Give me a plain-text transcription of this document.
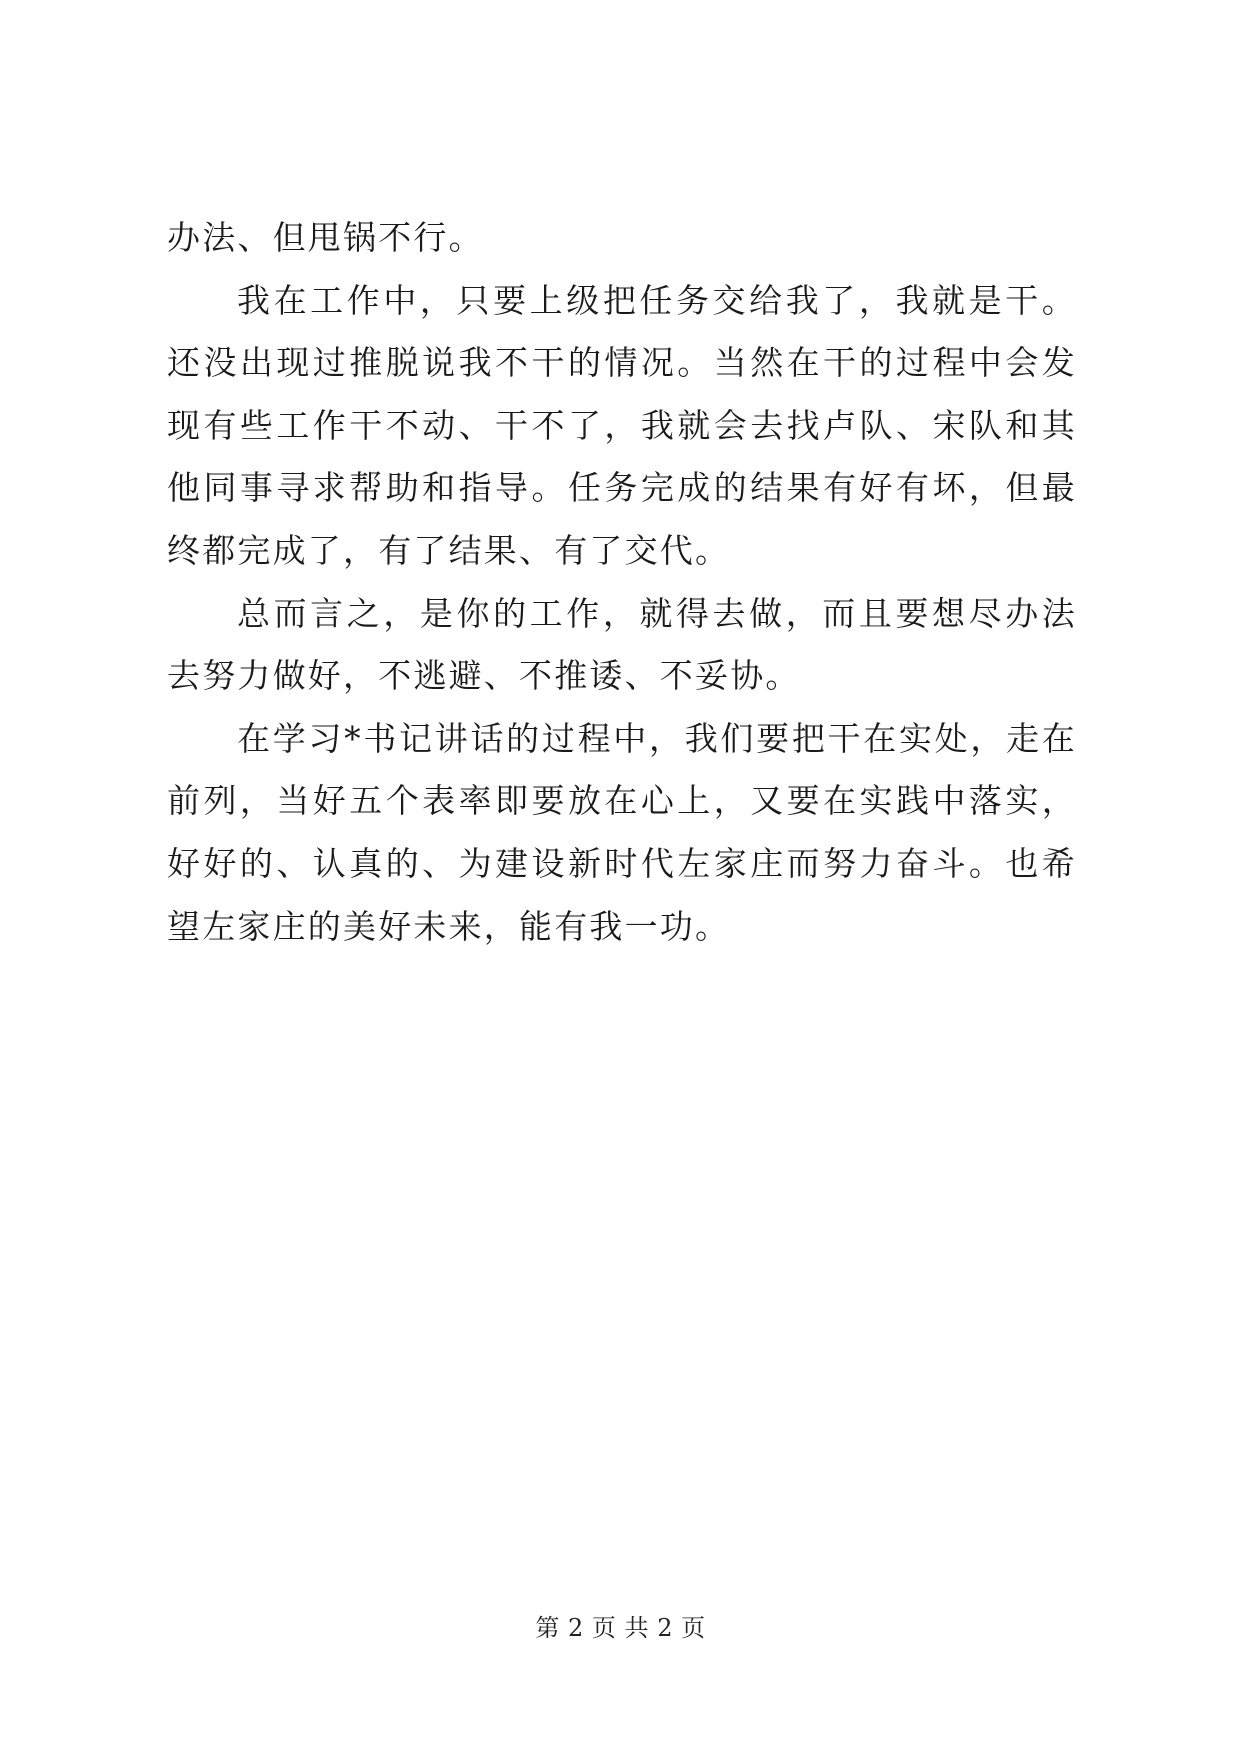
办法、但甩锅不行。

我在工作中，只要上级把任务交给我了，我就是干。还没出现过推脱说我不干的情况。当然在干的过程中会发现有些工作干不动、干不了，我就会去找卢队、宋队和其他同事寻求帮助和指导。任务完成的结果有好有坏，但最终都完成了，有了结果、有了交代。

总而言之，是你的工作，就得去做，而且要想尽办法去努力做好，不逃避、不推诿、不妥协。

在学习*书记讲话的过程中，我们要把干在实处，走在前列，当好五个表率即要放在心上，又要在实践中落实，好好的、认真的、为建设新时代左家庄而努力奋斗。也希望左家庄的美好未来，能有我一功。

第 2 页 共 2 页
